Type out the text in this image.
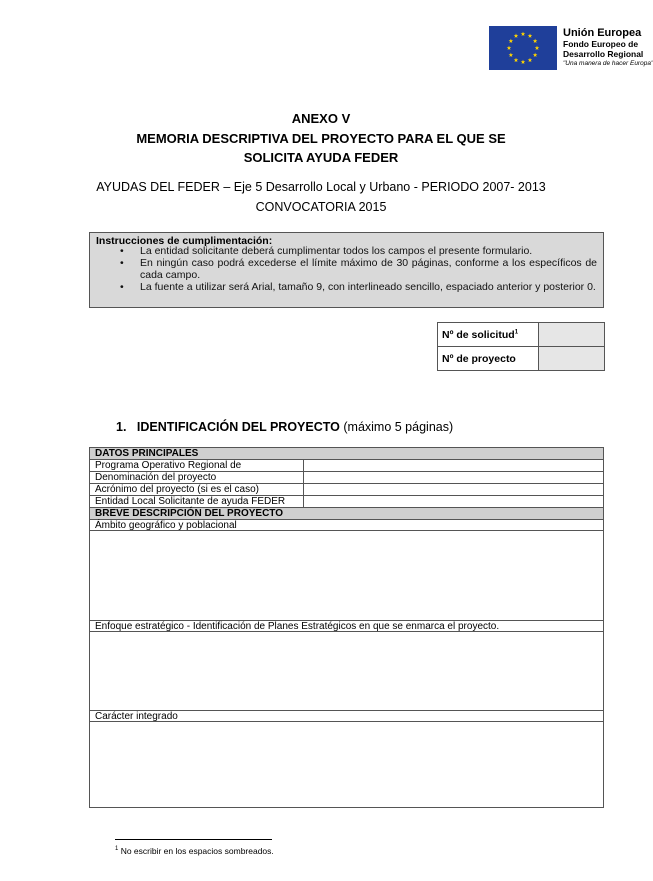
Unión Europea
Fondo Europeo de
Desarrollo Regional
"Una manera de hacer Europa"
ANEXO V
MEMORIA DESCRIPTIVA DEL PROYECTO PARA EL QUE SE
SOLICITA AYUDA FEDER
AYUDAS DEL FEDER – Eje 5 Desarrollo Local y Urbano - PERIODO 2007- 2013
CONVOCATORIA 2015
Instrucciones de cumplimentación:
• La entidad solicitante deberá cumplimentar todos los campos el presente formulario.
• En ningún caso podrá excederse el límite máximo de 30 páginas, conforme a los específicos de cada campo.
• La fuente a utilizar será Arial, tamaño 9, con interlineado sencillo, espaciado anterior y posterior 0.
Nº de solicitud$^1$	
Nº de proyecto	
1. IDENTIFICACIÓN DEL PROYECTO (máximo 5 páginas)
DATOS PRINCIPALES
Programa Operativo Regional de
Denominación del proyecto
Acrónimo del proyecto (si es el caso)
Entidad Local Solicitante de ayuda FEDER
BREVE DESCRIPCIÓN DEL PROYECTO
Ámbito geográfico y poblacional
Enfoque estratégico - Identificación de Planes Estratégicos en que se enmarca el proyecto.
Carácter integrado
$^1$ No escribir en los espacios sombreados.
